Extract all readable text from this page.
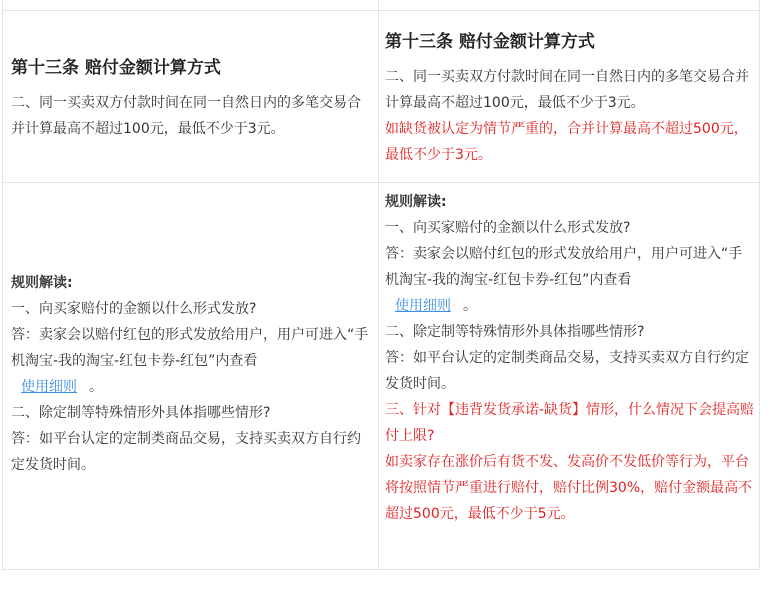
第十三条 赔付金额计算方式

二、同一买卖双方付款时间在同一自然日内的多笔交易合并计算最高不超过100元，最低不少于3元。

第十三条 赔付金额计算方式

二、同一买卖双方付款时间在同一自然日内的多笔交易合并计算最高不超过100元，最低不少于3元。

如缺货被认定为情节严重的，合并计算最高不超过500元，最低不少于3元。

规则解读:

一、向买家赔付的金额以什么形式发放?

答：卖家会以赔付红包的形式发放给用户，用户可进入“手机淘宝-我的淘宝-红包卡券-红包”内查看

使用细则 。

二、除定制等特殊情形外具体指哪些情形?

答：如平台认定的定制类商品交易，支持买卖双方自行约定发货时间。

规则解读:

一、向买家赔付的金额以什么形式发放?

答：卖家会以赔付红包的形式发放给用户，用户可进入“手机淘宝-我的淘宝-红包卡券-红包”内查看

使用细则 。

二、除定制等特殊情形外具体指哪些情形?

答：如平台认定的定制类商品交易，支持买卖双方自行约定发货时间。

三、针对【违背发货承诺-缺货】情形，什么情况下会提高赔付上限?

如卖家存在涨价后有货不发、发高价不发低价等行为，平台将按照情节严重进行赔付，赔付比例30%，赔付金额最高不超过500元，最低不少于5元。
